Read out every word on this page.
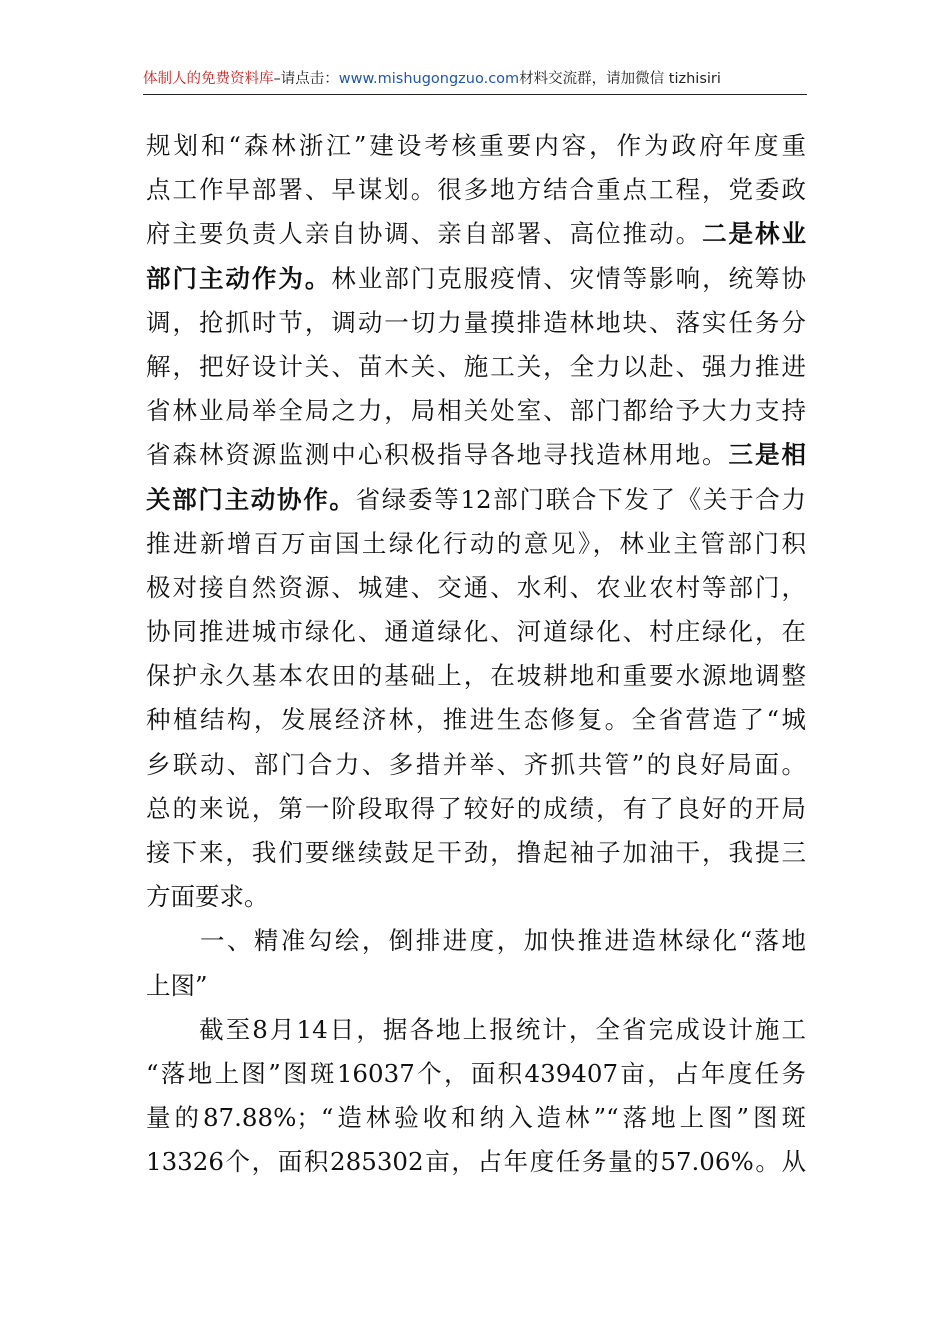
体制人的免费资料库–请点击：www.mishugongzuo.com材料交流群，请加微信 tizhisiri
规划和“森林浙江”建设考核重要内容，作为政府年度重
点工作早部署、早谋划。很多地方结合重点工程，党委政
府主要负责人亲自协调、亲自部署、高位推动。二是林业
部门主动作为。林业部门克服疫情、灾情等影响，统筹协
调，抢抓时节，调动一切力量摸排造林地块、落实任务分
解，把好设计关、苗木关、施工关，全力以赴、强力推进
省林业局举全局之力，局相关处室、部门都给予大力支持
省森林资源监测中心积极指导各地寻找造林用地。三是相
关部门主动协作。省绿委等12部门联合下发了《关于合力
推进新增百万亩国土绿化行动的意见》，林业主管部门积
极对接自然资源、城建、交通、水利、农业农村等部门，
协同推进城市绿化、通道绿化、河道绿化、村庄绿化，在
保护永久基本农田的基础上，在坡耕地和重要水源地调整
种植结构，发展经济林，推进生态修复。全省营造了“城
乡联动、部门合力、多措并举、齐抓共管”的良好局面。
总的来说，第一阶段取得了较好的成绩，有了良好的开局
接下来，我们要继续鼓足干劲，撸起袖子加油干，我提三
方面要求。
　　一、精准勾绘，倒排进度，加快推进造林绿化“落地
上图”
　　截至8月14日，据各地上报统计，全省完成设计施工
“落地上图”图斑16037个，面积439407亩，占年度任务
量的87.88%；“造林验收和纳入造林”“落地上图”图斑
13326个，面积285302亩，占年度任务量的57.06%。从
